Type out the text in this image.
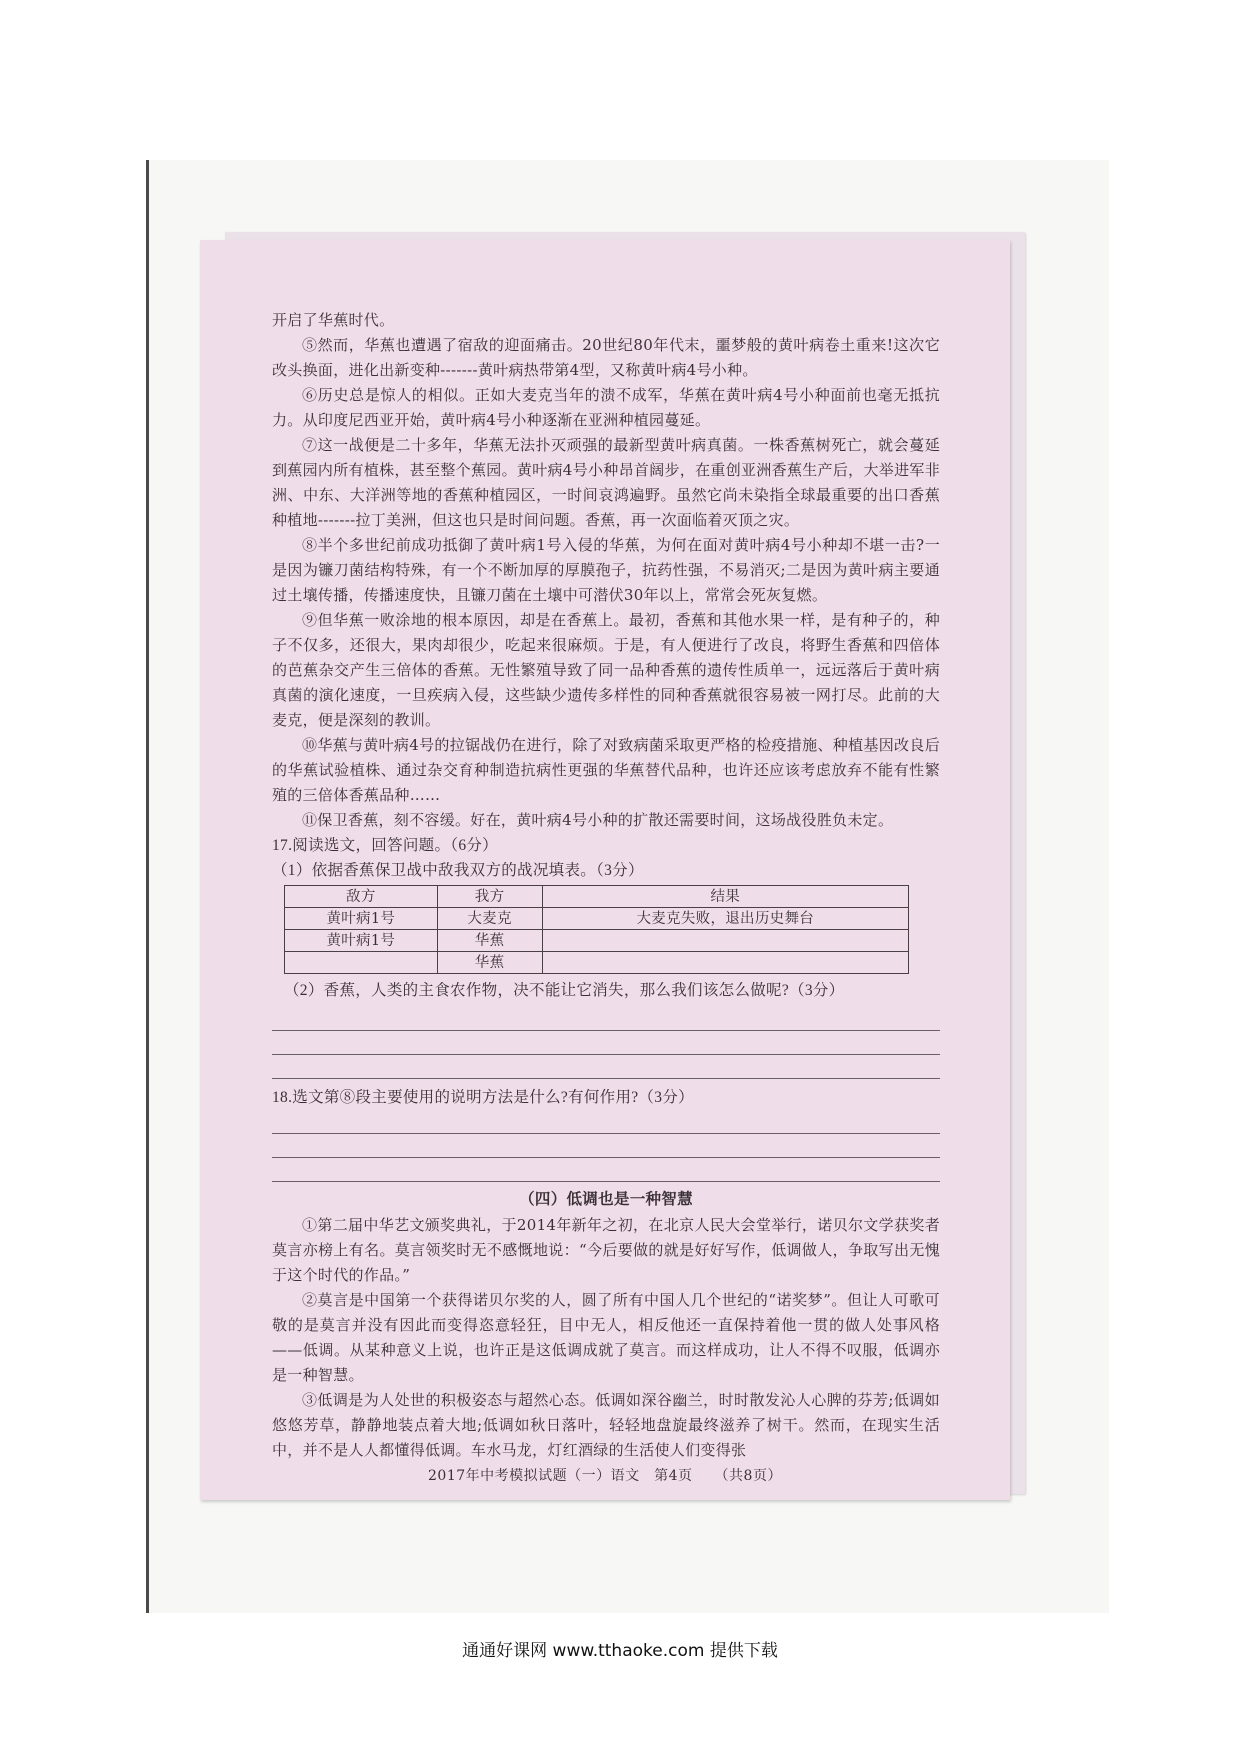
开启了华蕉时代。

⑤然而，华蕉也遭遇了宿敌的迎面痛击。20世纪80年代末，噩梦般的黄叶病卷土重来!这次它改头换面，进化出新变种-------黄叶病热带第4型，又称黄叶病4号小种。

⑥历史总是惊人的相似。正如大麦克当年的溃不成军，华蕉在黄叶病4号小种面前也毫无抵抗力。从印度尼西亚开始，黄叶病4号小种逐渐在亚洲种植园蔓延。

⑦这一战便是二十多年，华蕉无法扑灭顽强的最新型黄叶病真菌。一株香蕉树死亡，就会蔓延到蕉园内所有植株，甚至整个蕉园。黄叶病4号小种昂首阔步，在重创亚洲香蕉生产后，大举进军非洲、中东、大洋洲等地的香蕉种植园区，一时间哀鸿遍野。虽然它尚未染指全球最重要的出口香蕉种植地-------拉丁美洲，但这也只是时间问题。香蕉，再一次面临着灭顶之灾。

⑧半个多世纪前成功抵御了黄叶病1号入侵的华蕉，为何在面对黄叶病4号小种却不堪一击?一是因为镰刀菌结构特殊，有一个不断加厚的厚膜孢子，抗药性强，不易消灭;二是因为黄叶病主要通过土壤传播，传播速度快，且镰刀菌在土壤中可潜伏30年以上，常常会死灰复燃。

⑨但华蕉一败涂地的根本原因，却是在香蕉上。最初，香蕉和其他水果一样，是有种子的，种子不仅多，还很大，果肉却很少，吃起来很麻烦。于是，有人便进行了改良，将野生香蕉和四倍体的芭蕉杂交产生三倍体的香蕉。无性繁殖导致了同一品种香蕉的遗传性质单一，远远落后于黄叶病真菌的演化速度，一旦疾病入侵，这些缺少遗传多样性的同种香蕉就很容易被一网打尽。此前的大麦克，便是深刻的教训。

⑩华蕉与黄叶病4号的拉锯战仍在进行，除了对致病菌采取更严格的检疫措施、种植基因改良后的华蕉试验植株、通过杂交育种制造抗病性更强的华蕉替代品种，也许还应该考虑放弃不能有性繁殖的三倍体香蕉品种……

⑪保卫香蕉，刻不容缓。好在，黄叶病4号小种的扩散还需要时间，这场战役胜负未定。

17.阅读选文，回答问题。（6分）

（1）依据香蕉保卫战中敌我双方的战况填表。（3分）

敌方	我方	结果
黄叶病1号	大麦克	大麦克失败，退出历史舞台
黄叶病1号	华蕉	
	华蕉	

（2）香蕉，人类的主食农作物，决不能让它消失，那么我们该怎么做呢?（3分）

18.选文第⑧段主要使用的说明方法是什么?有何作用?（3分）

（四）低调也是一种智慧

①第二届中华艺文颁奖典礼，于2014年新年之初，在北京人民大会堂举行，诺贝尔文学获奖者莫言亦榜上有名。莫言领奖时无不感慨地说：“今后要做的就是好好写作，低调做人，争取写出无愧于这个时代的作品。”

②莫言是中国第一个获得诺贝尔奖的人，圆了所有中国人几个世纪的“诺奖梦”。但让人可歌可敬的是莫言并没有因此而变得恣意轻狂，目中无人，相反他还一直保持着他一贯的做人处事风格——低调。从某种意义上说，也许正是这低调成就了莫言。而这样成功，让人不得不叹服，低调亦是一种智慧。

③低调是为人处世的积极姿态与超然心态。低调如深谷幽兰，时时散发沁人心脾的芬芳;低调如悠悠芳草，静静地装点着大地;低调如秋日落叶，轻轻地盘旋最终滋养了树干。然而，在现实生活中，并不是人人都懂得低调。车水马龙，灯红酒绿的生活使人们变得张

2017年中考模拟试题（一）语文　第4页　　（共8页）
通通好课网 www.tthaoke.com 提供下载
